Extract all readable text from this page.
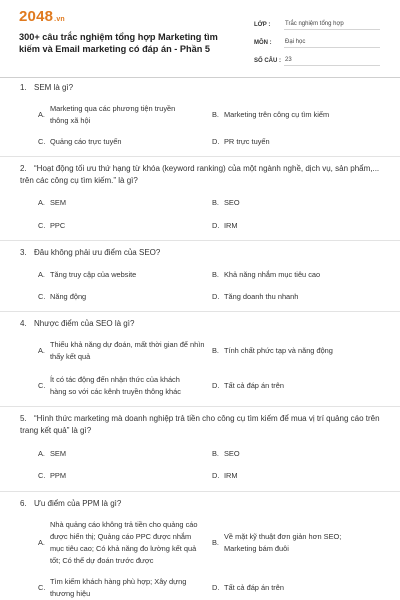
2048.vn
300+ câu trắc nghiệm tổng hợp Marketing tìm kiếm và Email marketing có đáp án - Phần 5
LỚP :	Trắc nghiệm tổng hợp
MÔN :	Đại học
SỐ CÂU : 23
1. SEM là gì?
A.
Marketing qua các phương tiện truyền thông xã hội
B. Marketing trên công cụ tìm kiếm
C. Quảng cáo trực tuyến	D. PR trực tuyến
2. “Hoạt động tối ưu thứ hạng từ khóa (keyword ranking) của một ngành nghề, dịch vụ, sản phẩm,... trên các công cụ tìm kiếm.” là gì?
A. SEM	B. SEO
C. PPC	D. IRM
3. Đâu không phải ưu điểm của SEO?
A. Tăng truy cập của website	B. Khả năng nhắm mục tiêu cao
C. Năng động	D. Tăng doanh thu nhanh
4. Nhược điểm của SEO là gì?
A.
Thiếu khả năng dự đoán, mất thời gian để nhìn thấy kết quả
B. Tính chất phức tạp và năng động
C.
Ít có tác động đến nhận thức của khách hàng so với các kênh truyền thông khác
D. Tất cả đáp án trên
5. “Hình thức marketing mà doanh nghiệp trả tiền cho công cụ tìm kiếm để mua vị trí quảng cáo trên trang kết quả” là gì?
A. SEM	B. SEO
C. PPM	D. IRM
6. Ưu điểm của PPM là gì?
A.
Nhà quảng cáo không trả tiền cho quảng cáo được hiển thị; Quảng cáo PPC được nhắm mục tiêu cao; Có khả năng đo lường kết quả tốt; Có thể dự đoán trước được
B.
Về mặt kỹ thuật đơn giản hơn SEO; Marketing bám đuôi
C.
Tìm kiếm khách hàng phù hợp; Xây dựng thương hiệu
D. Tất cả đáp án trên
